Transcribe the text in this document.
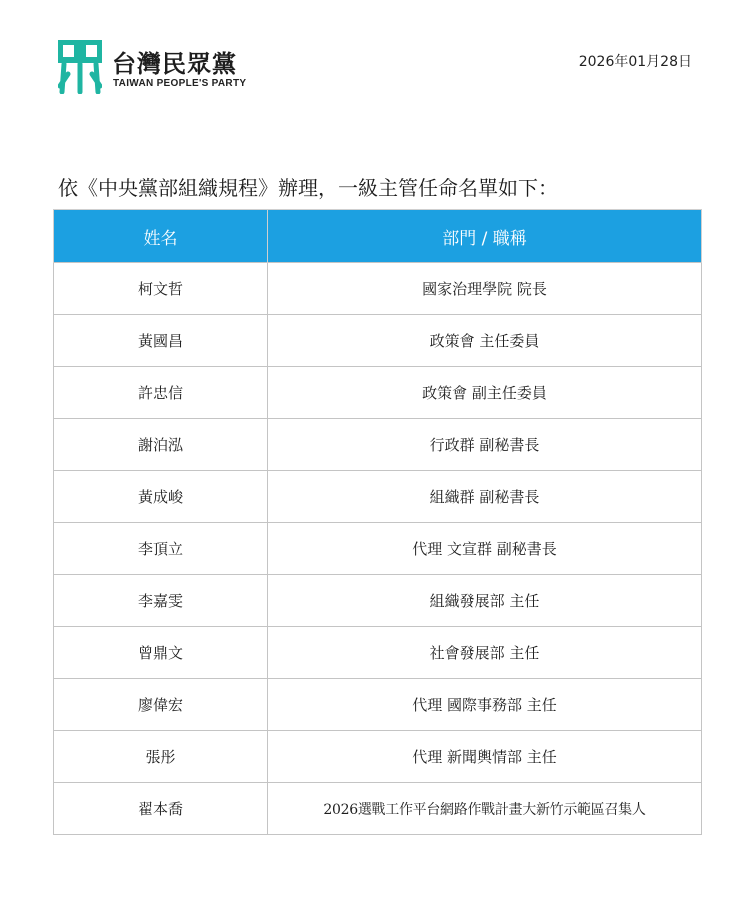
台灣民眾黨
TAIWAN PEOPLE'S PARTY
2026年01月28日
依《中央黨部組織規程》辦理，一級主管任命名單如下：
姓名	部門 / 職稱
柯文哲	國家治理學院 院長
黃國昌	政策會 主任委員
許忠信	政策會 副主任委員
謝泊泓	行政群 副秘書長
黃成峻	組織群 副秘書長
李頂立	代理 文宣群 副秘書長
李嘉雯	組織發展部 主任
曾鼎文	社會發展部 主任
廖偉宏	代理 國際事務部 主任
張彤	代理 新聞輿情部 主任
翟本喬	2026選戰工作平台網路作戰計畫大新竹示範區召集人
